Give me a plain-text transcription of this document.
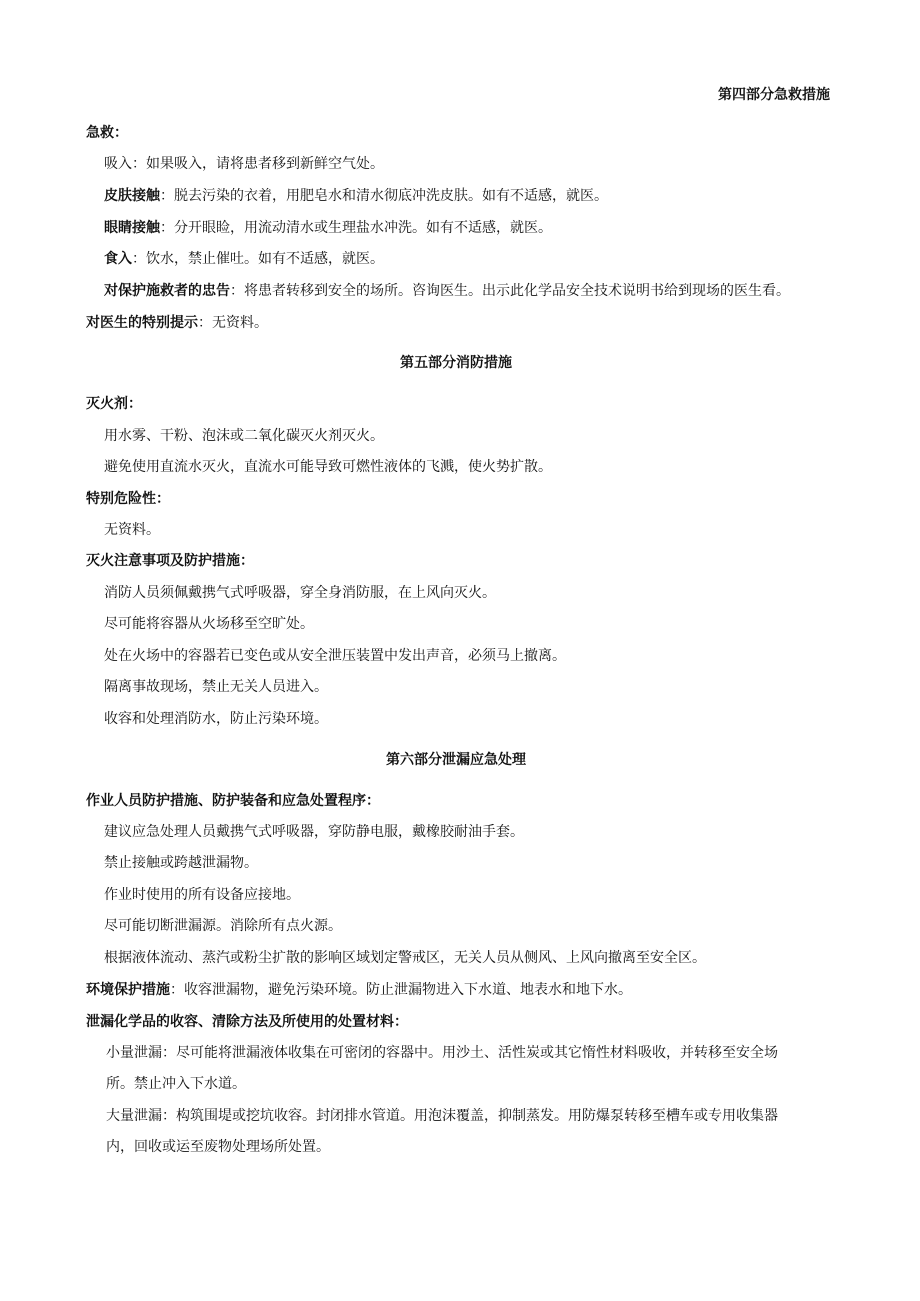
第四部分急救措施
急救：
吸入：如果吸入，请将患者移到新鲜空气处。
皮肤接触：脱去污染的衣着，用肥皂水和清水彻底冲洗皮肤。如有不适感，就医。
眼睛接触：分开眼睑，用流动清水或生理盐水冲洗。如有不适感，就医。
食入：饮水，禁止催吐。如有不适感，就医。
对保护施救者的忠告：将患者转移到安全的场所。咨询医生。出示此化学品安全技术说明书给到现场的医生看。
对医生的特别提示：无资料。
第五部分消防措施
灭火剂：
用水雾、干粉、泡沫或二氧化碳灭火剂灭火。
避免使用直流水灭火，直流水可能导致可燃性液体的飞溅，使火势扩散。
特别危险性：
无资料。
灭火注意事项及防护措施：
消防人员须佩戴携气式呼吸器，穿全身消防服，在上风向灭火。
尽可能将容器从火场移至空旷处。
处在火场中的容器若已变色或从安全泄压装置中发出声音，必须马上撤离。
隔离事故现场，禁止无关人员进入。
收容和处理消防水，防止污染环境。
第六部分泄漏应急处理
作业人员防护措施、防护装备和应急处置程序：
建议应急处理人员戴携气式呼吸器，穿防静电服，戴橡胶耐油手套。
禁止接触或跨越泄漏物。
作业时使用的所有设备应接地。
尽可能切断泄漏源。消除所有点火源。
根据液体流动、蒸汽或粉尘扩散的影响区域划定警戒区，无关人员从侧风、上风向撤离至安全区。
环境保护措施：收容泄漏物，避免污染环境。防止泄漏物进入下水道、地表水和地下水。
泄漏化学品的收容、清除方法及所使用的处置材料：
小量泄漏：尽可能将泄漏液体收集在可密闭的容器中。用沙土、活性炭或其它惰性材料吸收，并转移至安全场
所。禁止冲入下水道。
大量泄漏：构筑围堤或挖坑收容。封闭排水管道。用泡沫覆盖，抑制蒸发。用防爆泵转移至槽车或专用收集器
内，回收或运至废物处理场所处置。
